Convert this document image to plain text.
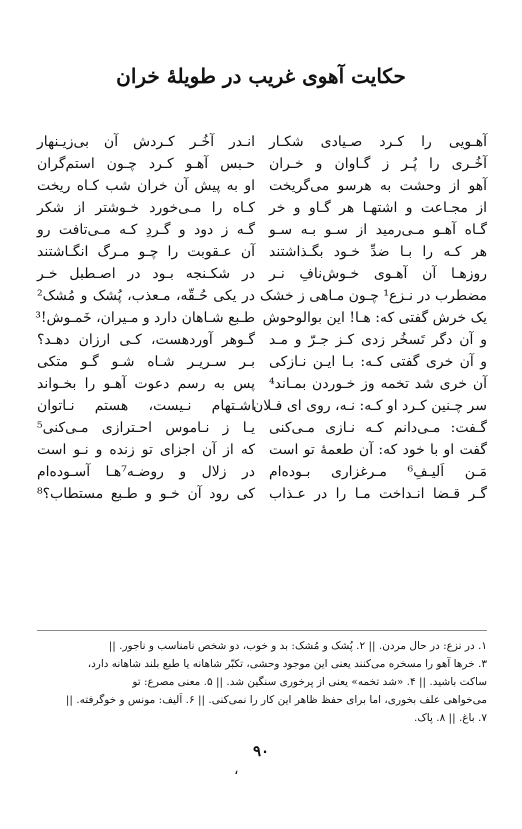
حکایت آهوی غریب در طویلهٔ خران
آهـویی را کـرد صـیادی شکـار
آخُـری را پُـر ز گـاوان و خـران
آهو از وحشت به هرسو می‌گریخت
از مجـاعت و اشتهـا هر گـاو و خر
گـاه آهـو مـی‌رمید از سـو بـه سـو
هر کـه را بـا ضدِّ خـود بگـذاشتند
روزهـا آن آهـوی خـوش‌نافِ نـر
مضطرب در نـزع¹ چـون مـاهی ز خشک
یک خرش گفتی که: هـا! این بوالوحوش
و آن دگر تَسخُر زدی کـز جـرّ و مـد
و آن خری گفتی کـه: بـا ایـن نـازکی
آن خری شد تخمه وز خـوردن بمـاند⁴
سر چـنین کـرد او کـه: نـه، روی ای فـلان
گـفت: مـی‌دانم کـه نـازی مـی‌کنی
گفت او با خود که: آن طعمهٔ تو است
مَـن اَلیـفِ⁶ مـرغزاری بـوده‌ام
گـر قـضا انـداخت مـا را در عـذاب
انـدر آخُـر کـردش آن بی‌زیـنهار
حـبس آهـو کـرد چـون استم‌گران
او به پیش آن خران شب کـاه ریخت
کـاه را مـی‌خورد خـوشتر از شکر
گـه ز دود و گـردِ کـه مـی‌تافت رو
آن عـقوبت را چـو مـرگ انگـاشتند
در شکـنجه بـود در اصـطبل خـر
در یکی حُـقّه، مـعذب، پُشک و مُشک²
طـبع شـاهان دارد و مـیران، خَمـوش!³
گـوهر آوردهست، کـی ارزان دهـد؟
بـر سـریـر شـاه شـو گـو متکی
پس به رسم دعوت آهـو را بخـواند
اشـتهام نـیست، هستم نـاتوان
یـا ز نـاموس احـترازی مـی‌کنی⁵
که از آن اجزای تو زنده و نـو است
در زلال و روضـه‌⁷هـا آسـوده‌ام
کی رود آن خـو و طـبع مستطاب؟⁸
۱. در نزع: در حال مردن. || ۲. پُشک و مُشک: بد و خوب، دو شخص نامناسب و ناجور. ||
۳. خرها آهو را مسخره می‌کنند یعنی این موجود وحشی، تکبّر شاهانه یا طبع بلند شاهانه دارد،
ساکت باشید. || ۴. «شد تخمه» یعنی از پرخوری سنگین شد. || ۵. معنی مصرع: تو
می‌خواهی علف بخوری، اما برای حفظ ظاهر این کار را نمی‌کنی. || ۶. اَلیف: مونس و خوگرفته. ||
۷. باغ. || ۸. پاک.
۹۰
،
